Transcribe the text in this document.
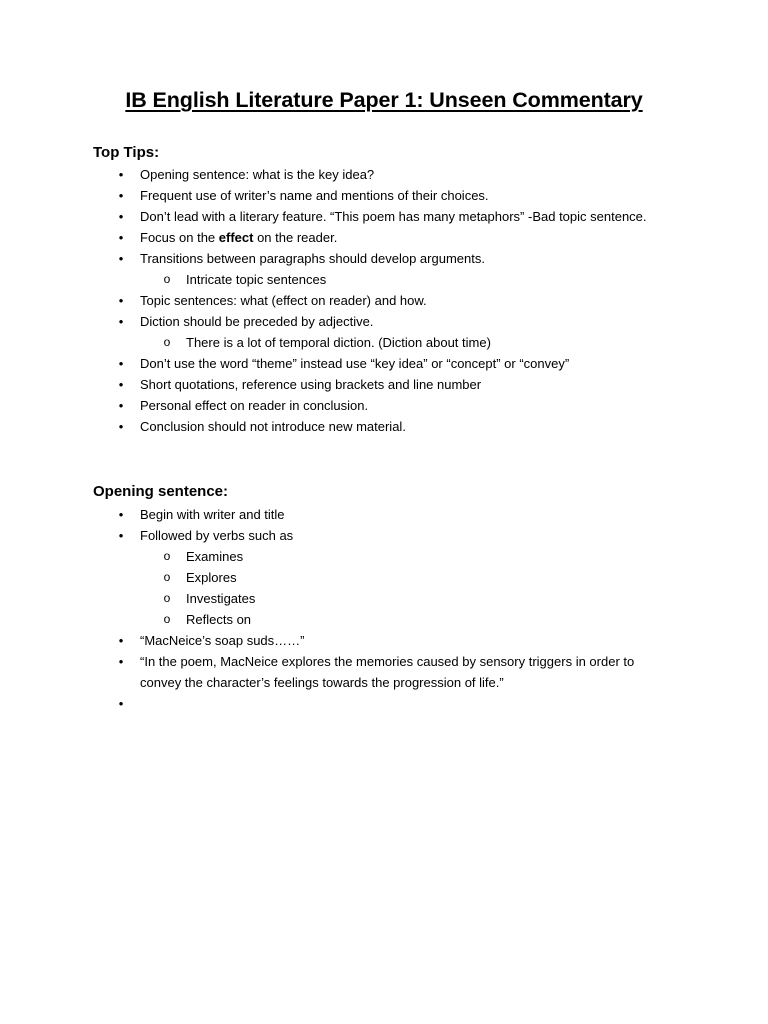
IB English Literature Paper 1: Unseen Commentary
Top Tips:
• Opening sentence: what is the key idea?
• Frequent use of writer’s name and mentions of their choices.
• Don’t lead with a literary feature. “This poem has many metaphors” -Bad topic sentence.
• Focus on the effect on the reader.
• Transitions between paragraphs should develop arguments.
o Intricate topic sentences
• Topic sentences: what (effect on reader) and how.
• Diction should be preceded by adjective.
o There is a lot of temporal diction. (Diction about time)
• Don’t use the word “theme” instead use “key idea” or “concept” or “convey”
• Short quotations, reference using brackets and line number
• Personal effect on reader in conclusion.
• Conclusion should not introduce new material.
Opening sentence:
• Begin with writer and title
• Followed by verbs such as
o Examines
o Explores
o Investigates
o Reflects on
• “MacNeice’s soap suds……”
• “In the poem, MacNeice explores the memories caused by sensory triggers in order to convey the character’s feelings towards the progression of life.”
•
